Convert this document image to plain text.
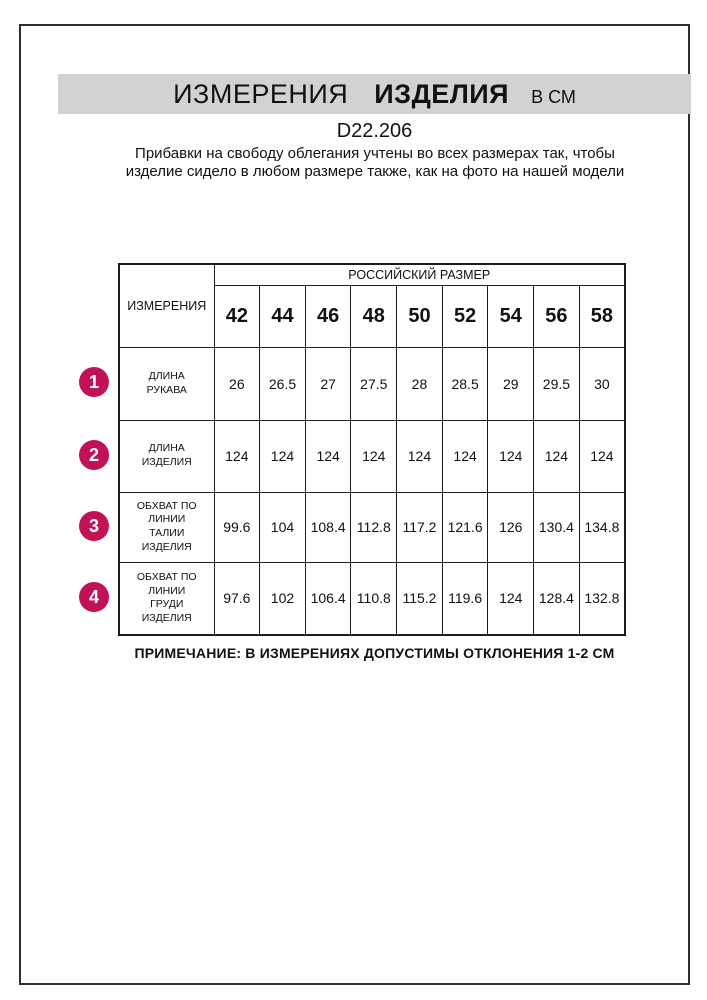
ИЗМЕРЕНИЯ ИЗДЕЛИЯ В СМ
D22.206
Прибавки на свободу облегания учтены во всех размерах так, чтобы изделие сидело в любом размере также, как на фото на нашей модели
ИЗМЕРЕНИЯ	РОССИЙСКИЙ РАЗМЕР								
	42	44	46	48	50	52	54	56	58
ДЛИНА РУКАВА	26	26.5	27	27.5	28	28.5	29	29.5	30
ДЛИНА ИЗДЕЛИЯ	124	124	124	124	124	124	124	124	124
ОБХВАТ ПО ЛИНИИ ТАЛИИ ИЗДЕЛИЯ	99.6	104	108.4	112.8	117.2	121.6	126	130.4	134.8
ОБХВАТ ПО ЛИНИИ ГРУДИ ИЗДЕЛИЯ	97.6	102	106.4	110.8	115.2	119.6	124	128.4	132.8
1
2
3
4
ПРИМЕЧАНИЕ: В ИЗМЕРЕНИЯХ ДОПУСТИМЫ ОТКЛОНЕНИЯ 1-2 СМ
